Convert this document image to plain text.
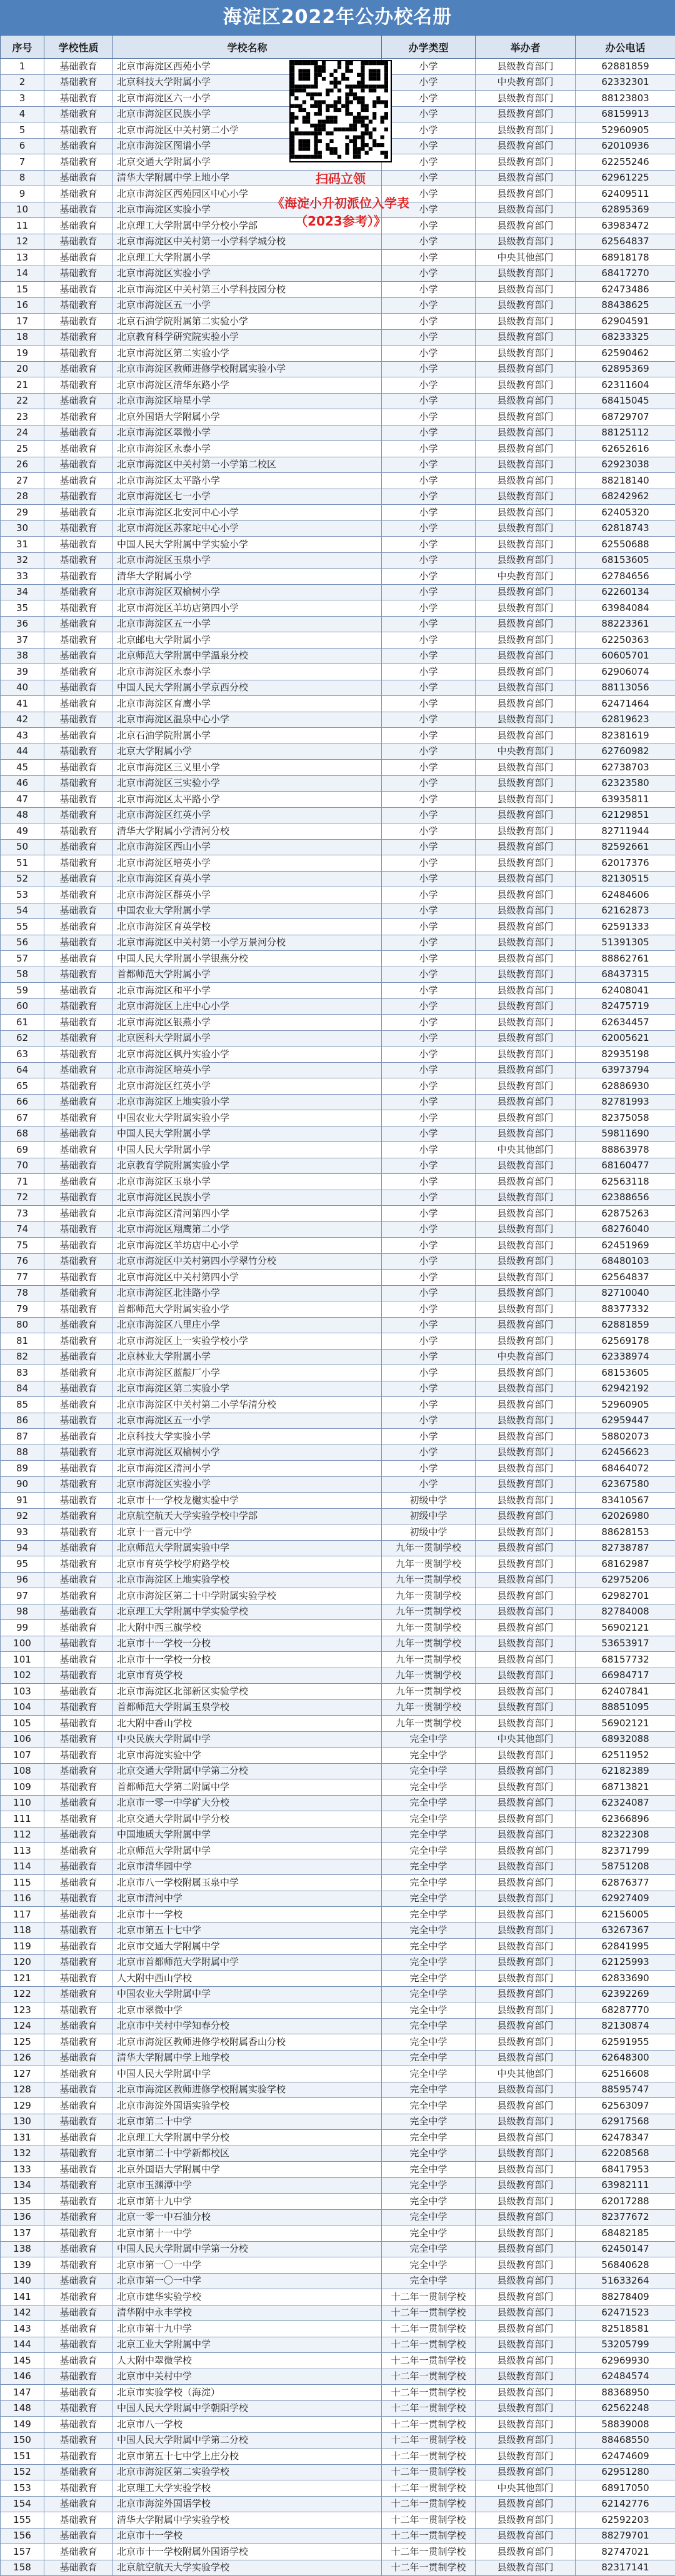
海淀区2022年公办校名册
序号	学校性质	学校名称	办学类型	举办者	办公电话
1	基础教育	北京市海淀区西苑小学	小学	县级教育部门	62881859
2	基础教育	北京科技大学附属小学	小学	中央教育部门	62332301
3	基础教育	北京市海淀区六一小学	小学	县级教育部门	88123803
4	基础教育	北京市海淀区民族小学	小学	县级教育部门	68159913
5	基础教育	北京市海淀区中关村第二小学	小学	县级教育部门	52960905
6	基础教育	北京市海淀区图谱小学	小学	县级教育部门	62010936
7	基础教育	北京交通大学附属小学	小学	县级教育部门	62255246
8	基础教育	清华大学附属中学上地小学	小学	县级教育部门	62961225
9	基础教育	北京市海淀区西苑园区中心小学	小学	县级教育部门	62409511
10	基础教育	北京市海淀区实验小学	小学	县级教育部门	62895369
11	基础教育	北京理工大学附属中学分校小学部	小学	县级教育部门	63983472
12	基础教育	北京市海淀区中关村第一小学科学城分校	小学	县级教育部门	62564837
13	基础教育	北京理工大学附属小学	小学	中央其他部门	68918178
14	基础教育	北京市海淀区实验小学	小学	县级教育部门	68417270
15	基础教育	北京市海淀区中关村第三小学科技园分校	小学	县级教育部门	62473486
16	基础教育	北京市海淀区五一小学	小学	县级教育部门	88438625
17	基础教育	北京石油学院附属第二实验小学	小学	县级教育部门	62904591
18	基础教育	北京教育科学研究院实验小学	小学	县级教育部门	68233325
19	基础教育	北京市海淀区第二实验小学	小学	县级教育部门	62590462
20	基础教育	北京市海淀区教师进修学校附属实验小学	小学	县级教育部门	62895369
21	基础教育	北京市海淀区清华东路小学	小学	县级教育部门	62311604
22	基础教育	北京市海淀区培星小学	小学	县级教育部门	68415045
23	基础教育	北京外国语大学附属小学	小学	县级教育部门	68729707
24	基础教育	北京市海淀区翠微小学	小学	县级教育部门	88125112
25	基础教育	北京市海淀区永泰小学	小学	县级教育部门	62652616
26	基础教育	北京市海淀区中关村第一小学第二校区	小学	县级教育部门	62923038
27	基础教育	北京市海淀区太平路小学	小学	县级教育部门	88218140
28	基础教育	北京市海淀区七一小学	小学	县级教育部门	68242962
29	基础教育	北京市海淀区北安河中心小学	小学	县级教育部门	62405320
30	基础教育	北京市海淀区苏家坨中心小学	小学	县级教育部门	62818743
31	基础教育	中国人民大学附属中学实验小学	小学	县级教育部门	62550688
32	基础教育	北京市海淀区玉泉小学	小学	县级教育部门	68153605
33	基础教育	清华大学附属小学	小学	中央教育部门	62784656
34	基础教育	北京市海淀区双榆树小学	小学	县级教育部门	62260134
35	基础教育	北京市海淀区羊坊店第四小学	小学	县级教育部门	63984084
36	基础教育	北京市海淀区五一小学	小学	县级教育部门	88223361
37	基础教育	北京邮电大学附属小学	小学	县级教育部门	62250363
38	基础教育	北京师范大学附属中学温泉分校	小学	县级教育部门	60605701
39	基础教育	北京市海淀区永泰小学	小学	县级教育部门	62906074
40	基础教育	中国人民大学附属小学京西分校	小学	县级教育部门	88113056
41	基础教育	北京市海淀区育鹰小学	小学	县级教育部门	62471464
42	基础教育	北京市海淀区温泉中心小学	小学	县级教育部门	62819623
43	基础教育	北京石油学院附属小学	小学	县级教育部门	82381619
44	基础教育	北京大学附属小学	小学	中央教育部门	62760982
45	基础教育	北京市海淀区三义里小学	小学	县级教育部门	62738703
46	基础教育	北京市海淀区三实验小学	小学	县级教育部门	62323580
47	基础教育	北京市海淀区太平路小学	小学	县级教育部门	63935811
48	基础教育	北京市海淀区红英小学	小学	县级教育部门	62129851
49	基础教育	清华大学附属小学清河分校	小学	县级教育部门	82711944
50	基础教育	北京市海淀区西山小学	小学	县级教育部门	82592661
51	基础教育	北京市海淀区培英小学	小学	县级教育部门	62017376
52	基础教育	北京市海淀区育英小学	小学	县级教育部门	82130515
53	基础教育	北京市海淀区群英小学	小学	县级教育部门	62484606
54	基础教育	中国农业大学附属小学	小学	县级教育部门	62162873
55	基础教育	北京市海淀区育英学校	小学	县级教育部门	62591333
56	基础教育	北京市海淀区中关村第一小学万景河分校	小学	县级教育部门	51391305
57	基础教育	中国人民大学附属小学银燕分校	小学	县级教育部门	88862761
58	基础教育	首都师范大学附属小学	小学	县级教育部门	68437315
59	基础教育	北京市海淀区和平小学	小学	县级教育部门	62408041
60	基础教育	北京市海淀区上庄中心小学	小学	县级教育部门	82475719
61	基础教育	北京市海淀区银燕小学	小学	县级教育部门	62634457
62	基础教育	北京医科大学附属小学	小学	县级教育部门	62005621
63	基础教育	北京市海淀区枫丹实验小学	小学	县级教育部门	82935198
64	基础教育	北京市海淀区培英小学	小学	县级教育部门	63973794
65	基础教育	北京市海淀区红英小学	小学	县级教育部门	62886930
66	基础教育	北京市海淀区上地实验小学	小学	县级教育部门	82781993
67	基础教育	中国农业大学附属实验小学	小学	县级教育部门	82375058
68	基础教育	中国人民大学附属小学	小学	县级教育部门	59811690
69	基础教育	中国人民大学附属小学	小学	中央其他部门	88863978
70	基础教育	北京教育学院附属实验小学	小学	县级教育部门	68160477
71	基础教育	北京市海淀区玉泉小学	小学	县级教育部门	62563118
72	基础教育	北京市海淀区民族小学	小学	县级教育部门	62388656
73	基础教育	北京市海淀区清河第四小学	小学	县级教育部门	62875263
74	基础教育	北京市海淀区翔鹰第二小学	小学	县级教育部门	68276040
75	基础教育	北京市海淀区羊坊店中心小学	小学	县级教育部门	62451969
76	基础教育	北京市海淀区中关村第四小学翠竹分校	小学	县级教育部门	68480103
77	基础教育	北京市海淀区中关村第四小学	小学	县级教育部门	62564837
78	基础教育	北京市海淀区北洼路小学	小学	县级教育部门	82710040
79	基础教育	首都师范大学附属实验小学	小学	县级教育部门	88377332
80	基础教育	北京市海淀区八里庄小学	小学	县级教育部门	62881859
81	基础教育	北京市海淀区上一实验学校小学	小学	县级教育部门	62569178
82	基础教育	北京林业大学附属小学	小学	中央教育部门	62338974
83	基础教育	北京市海淀区蓝靛厂小学	小学	县级教育部门	68153605
84	基础教育	北京市海淀区第二实验小学	小学	县级教育部门	62942192
85	基础教育	北京市海淀区中关村第二小学华清分校	小学	县级教育部门	52960905
86	基础教育	北京市海淀区五一小学	小学	县级教育部门	62959447
87	基础教育	北京科技大学实验小学	小学	县级教育部门	58802073
88	基础教育	北京市海淀区双榆树小学	小学	县级教育部门	62456623
89	基础教育	北京市海淀区清河小学	小学	县级教育部门	68464072
90	基础教育	北京市海淀区实验小学	小学	县级教育部门	62367580
91	基础教育	北京市十一学校龙樾实验中学	初级中学	县级教育部门	83410567
92	基础教育	北京航空航天大学实验学校中学部	初级中学	县级教育部门	62026980
93	基础教育	北京十一晋元中学	初级中学	县级教育部门	88628153
94	基础教育	北京师范大学附属实验中学	九年一贯制学校	县级教育部门	82738787
95	基础教育	北京市育英学校学府路学校	九年一贯制学校	县级教育部门	68162987
96	基础教育	北京市海淀区上地实验学校	九年一贯制学校	县级教育部门	62975206
97	基础教育	北京市海淀区第二十中学附属实验学校	九年一贯制学校	县级教育部门	62982701
98	基础教育	北京理工大学附属中学实验学校	九年一贯制学校	县级教育部门	82784008
99	基础教育	北大附中西三旗学校	九年一贯制学校	县级教育部门	56902121
100	基础教育	北京市十一学校一分校	九年一贯制学校	县级教育部门	53653917
101	基础教育	北京市十一学校一分校	九年一贯制学校	县级教育部门	68157732
102	基础教育	北京市育英学校	九年一贯制学校	县级教育部门	66984717
103	基础教育	北京市海淀区北部新区实验学校	九年一贯制学校	县级教育部门	62407841
104	基础教育	首都师范大学附属玉泉学校	九年一贯制学校	县级教育部门	88851095
105	基础教育	北大附中香山学校	九年一贯制学校	县级教育部门	56902121
106	基础教育	中央民族大学附属中学	完全中学	中央其他部门	68932088
107	基础教育	北京市海淀实验中学	完全中学	县级教育部门	62511952
108	基础教育	北京交通大学附属中学第二分校	完全中学	县级教育部门	62182389
109	基础教育	首都师范大学第二附属中学	完全中学	县级教育部门	68713821
110	基础教育	北京市一零一中学矿大分校	完全中学	县级教育部门	62324087
111	基础教育	北京交通大学附属中学分校	完全中学	县级教育部门	62366896
112	基础教育	中国地质大学附属中学	完全中学	县级教育部门	82322308
113	基础教育	北京师范大学附属中学	完全中学	县级教育部门	82371799
114	基础教育	北京市清华园中学	完全中学	县级教育部门	58751208
115	基础教育	北京市八一学校附属玉泉中学	完全中学	县级教育部门	62876377
116	基础教育	北京市清河中学	完全中学	县级教育部门	62927409
117	基础教育	北京市十一学校	完全中学	县级教育部门	62156005
118	基础教育	北京市第五十七中学	完全中学	县级教育部门	63267367
119	基础教育	北京市交通大学附属中学	完全中学	县级教育部门	62841995
120	基础教育	北京市首都师范大学附属中学	完全中学	县级教育部门	62125993
121	基础教育	人大附中西山学校	完全中学	县级教育部门	62833690
122	基础教育	中国农业大学附属中学	完全中学	县级教育部门	62392269
123	基础教育	北京市翠微中学	完全中学	县级教育部门	68287770
124	基础教育	北京市中关村中学知春分校	完全中学	县级教育部门	82130874
125	基础教育	北京市海淀区教师进修学校附属香山分校	完全中学	县级教育部门	62591955
126	基础教育	清华大学附属中学上地学校	完全中学	县级教育部门	62648300
127	基础教育	中国人民大学附属中学	完全中学	中央其他部门	62516608
128	基础教育	北京市海淀区教师进修学校附属实验学校	完全中学	县级教育部门	88595747
129	基础教育	北京市海淀外国语实验学校	完全中学	县级教育部门	62563097
130	基础教育	北京市第二十中学	完全中学	县级教育部门	62917568
131	基础教育	北京理工大学附属中学分校	完全中学	县级教育部门	62478347
132	基础教育	北京市第二十中学新都校区	完全中学	县级教育部门	62208568
133	基础教育	北京外国语大学附属中学	完全中学	县级教育部门	68417953
134	基础教育	北京市玉渊潭中学	完全中学	县级教育部门	63982111
135	基础教育	北京市第十九中学	完全中学	县级教育部门	62017288
136	基础教育	北京一零一中石油分校	完全中学	县级教育部门	82377672
137	基础教育	北京市第十一中学	完全中学	县级教育部门	68482185
138	基础教育	中国人民大学附属中学第一分校	完全中学	县级教育部门	62450147
139	基础教育	北京市第一〇一中学	完全中学	县级教育部门	56840628
140	基础教育	北京市第一〇一中学	完全中学	县级教育部门	51633264
141	基础教育	北京市建华实验学校	十二年一贯制学校	县级教育部门	88278409
142	基础教育	清华附中永丰学校	十二年一贯制学校	县级教育部门	62471523
143	基础教育	北京市第十九中学	十二年一贯制学校	县级教育部门	82518581
144	基础教育	北京工业大学附属中学	十二年一贯制学校	县级教育部门	53205799
145	基础教育	人大附中翠微学校	十二年一贯制学校	县级教育部门	62969930
146	基础教育	北京市中关村中学	十二年一贯制学校	县级教育部门	62484574
147	基础教育	北京市实验学校（海淀）	十二年一贯制学校	县级教育部门	88368950
148	基础教育	中国人民大学附属中学朝阳学校	十二年一贯制学校	县级教育部门	62562248
149	基础教育	北京市八一学校	十二年一贯制学校	县级教育部门	58839008
150	基础教育	中国人民大学附属中学第二分校	十二年一贯制学校	县级教育部门	88468550
151	基础教育	北京市第五十七中学上庄分校	十二年一贯制学校	县级教育部门	62474609
152	基础教育	北京市海淀区第二实验学校	十二年一贯制学校	县级教育部门	62951280
153	基础教育	北京理工大学实验学校	十二年一贯制学校	中央其他部门	68917050
154	基础教育	北京市海淀外国语学校	十二年一贯制学校	县级教育部门	62142776
155	基础教育	清华大学附属中学实验学校	十二年一贯制学校	县级教育部门	62592203
156	基础教育	北京市十一学校	十二年一贯制学校	县级教育部门	88279701
157	基础教育	北京市十一学校附属外国语学校	十二年一贯制学校	县级教育部门	82747021
158	基础教育	北京航空航天大学实验学校	十二年一贯制学校	县级教育部门	82317141
扫码立领
《海淀小升初派位入学表（2023参考）》
